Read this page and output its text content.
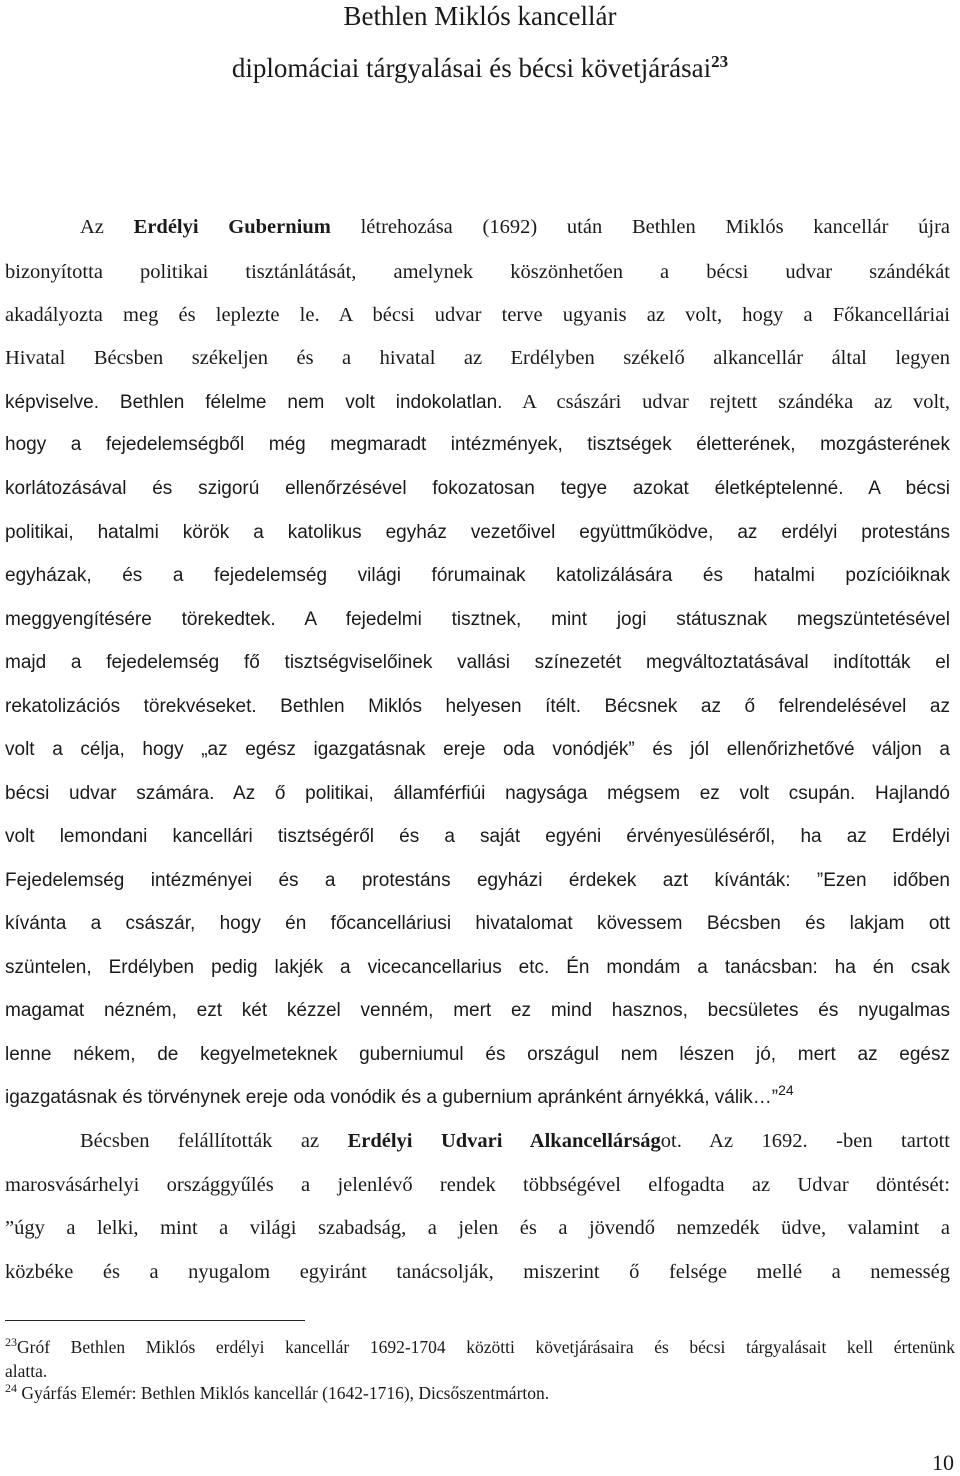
Bethlen Miklós kancellár
diplomáciai tárgyalásai és bécsi követjárásai$^{23}$
Az Erdélyi Gubernium létrehozása (1692) után Bethlen Miklós kancellár újra
bizonyította politikai tisztánlátását, amelynek köszönhetően a bécsi udvar szándékát
akadályozta meg és leplezte le. A bécsi udvar terve ugyanis az volt, hogy a Főkancelláriai
Hivatal Bécsben székeljen és a hivatal az Erdélyben székelő alkancellár által legyen
képviselve. Bethlen félelme nem volt indokolatlan. A császári udvar rejtett szándéka az volt,
hogy a fejedelemségből még megmaradt intézmények, tisztségek életterének, mozgásterének
korlátozásával és szigorú ellenőrzésével fokozatosan tegye azokat életképtelenné. A bécsi
politikai, hatalmi körök a katolikus egyház vezetőivel együttműködve, az erdélyi protestáns
egyházak, és a fejedelemség világi fórumainak katolizálására és hatalmi pozícióiknak
meggyengítésére törekedtek. A fejedelmi tisztnek, mint jogi státusznak megszüntetésével
majd a fejedelemség fő tisztségviselőinek vallási színezetét megváltoztatásával indították el
rekatolizációs törekvéseket. Bethlen Miklós helyesen ítélt. Bécsnek az ő felrendelésével az
volt a célja, hogy „az egész igazgatásnak ereje oda vonódjék” és jól ellenőrizhetővé váljon a
bécsi udvar számára. Az ő politikai, államférfiúi nagysága mégsem ez volt csupán. Hajlandó
volt lemondani kancellári tisztségéről és a saját egyéni érvényesüléséről, ha az Erdélyi
Fejedelemség intézményei és a protestáns egyházi érdekek azt kívánták: ”Ezen időben
kívánta a császár, hogy én főcancelláriusi hivatalomat kövessem Bécsben és lakjam ott
szüntelen, Erdélyben pedig lakjék a vicecancellarius etc. Én mondám a tanácsban: ha én csak
magamat nézném, ezt két kézzel venném, mert ez mind hasznos, becsületes és nyugalmas
lenne nékem, de kegyelmeteknek guberniumul és országul nem lészen jó, mert az egész
igazgatásnak és törvénynek ereje oda vonódik és a gubernium apránként árnyékká, válik…”$^{24}$
Bécsben felállították az Erdélyi Udvari Alkancellárságot. Az 1692. -ben tartott
marosvásárhelyi országgyűlés a jelenlévő rendek többségével elfogadta az Udvar döntését:
”úgy a lelki, mint a világi szabadság, a jelen és a jövendő nemzedék üdve, valamint a
közbéke és a nyugalom egyiránt tanácsolják, miszerint ő felsége mellé a nemesség
$^{23}$Gróf Bethlen Miklós erdélyi kancellár 1692-1704 közötti követjárásaira és bécsi tárgyalásait kell értenünk
alatta.
$^{24}$ Gyárfás Elemér: Bethlen Miklós kancellár (1642-1716), Dicsőszentmárton.
10
